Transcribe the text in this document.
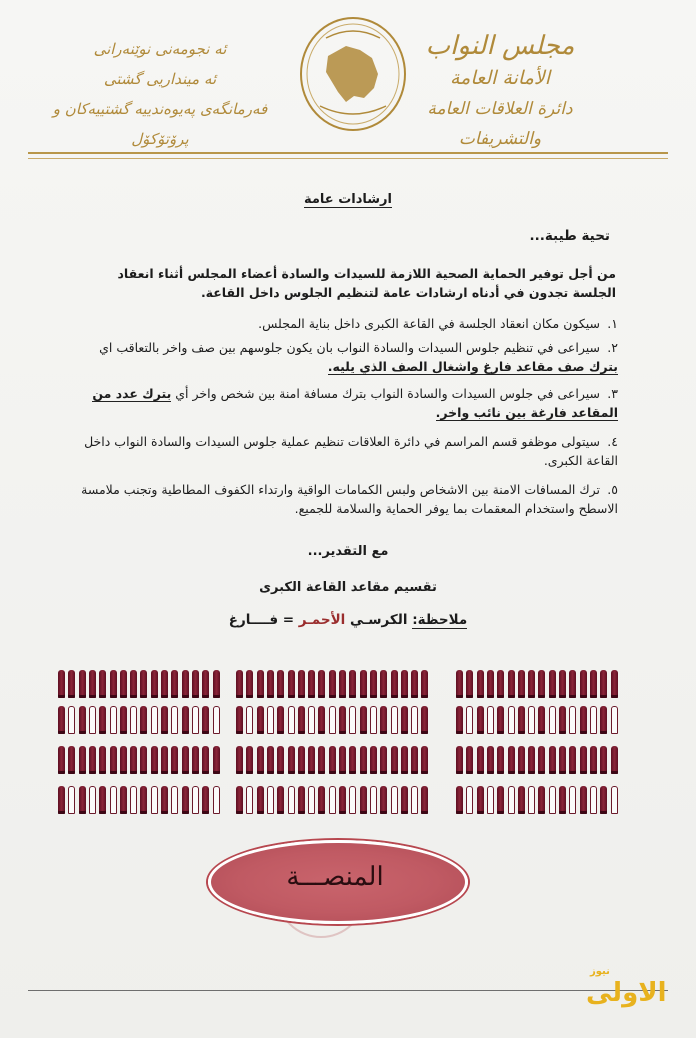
مجلس النواب
الأمانة العامة
دائرة العلاقات العامة والتشريفات
ئه نجومه‌نى نوێنه‌رانى
ئه مینداریی گشتی
فه‌رمانگه‌ی په‌یوه‌ندییه‌ گشتییه‌كان و پرۆتۆكۆل
ارشادات عامة
تحية طيبة...
من أجل توفير الحماية الصحية اللازمة للسيدات والسادة أعضاء المجلس أثناء انعقاد الجلسة تجدون في أدناه ارشادات عامة لتنظيم الجلوس داخل القاعة.
١.سيكون مكان انعقاد الجلسة في القاعة الكبرى داخل بناية المجلس.
٢.سيراعى في تنظيم جلوس السيدات والسادة النواب بان يكون جلوسهم بين صف واخر بالتعاقب اي بترك صف مقاعد فارغ واشغال الصف الذي يليه.
٣.سيراعى في جلوس السيدات والسادة النواب بترك مسافة امنة بين شخص واخر أي بترك عدد من المقاعد فارغة بين نائب واخر.
٤.سيتولى موظفو قسم المراسم في دائرة العلاقات تنظيم عملية جلوس السيدات والسادة النواب داخل القاعة الكبرى.
٥.ترك المسافات الامنة بين الاشخاص ولبس الكمامات الواقية وارتداء الكفوف المطاطية وتجنب ملامسة الاسطح واستخدام المعقمات بما يوفر الحماية والسلامة للجميع.
مع التقدير...
تقسيم مقاعد القاعة الكبرى
ملاحظة: الكرسـي الأحمـر = فــــارغ
المنصـــة
نيوز
الاولى
